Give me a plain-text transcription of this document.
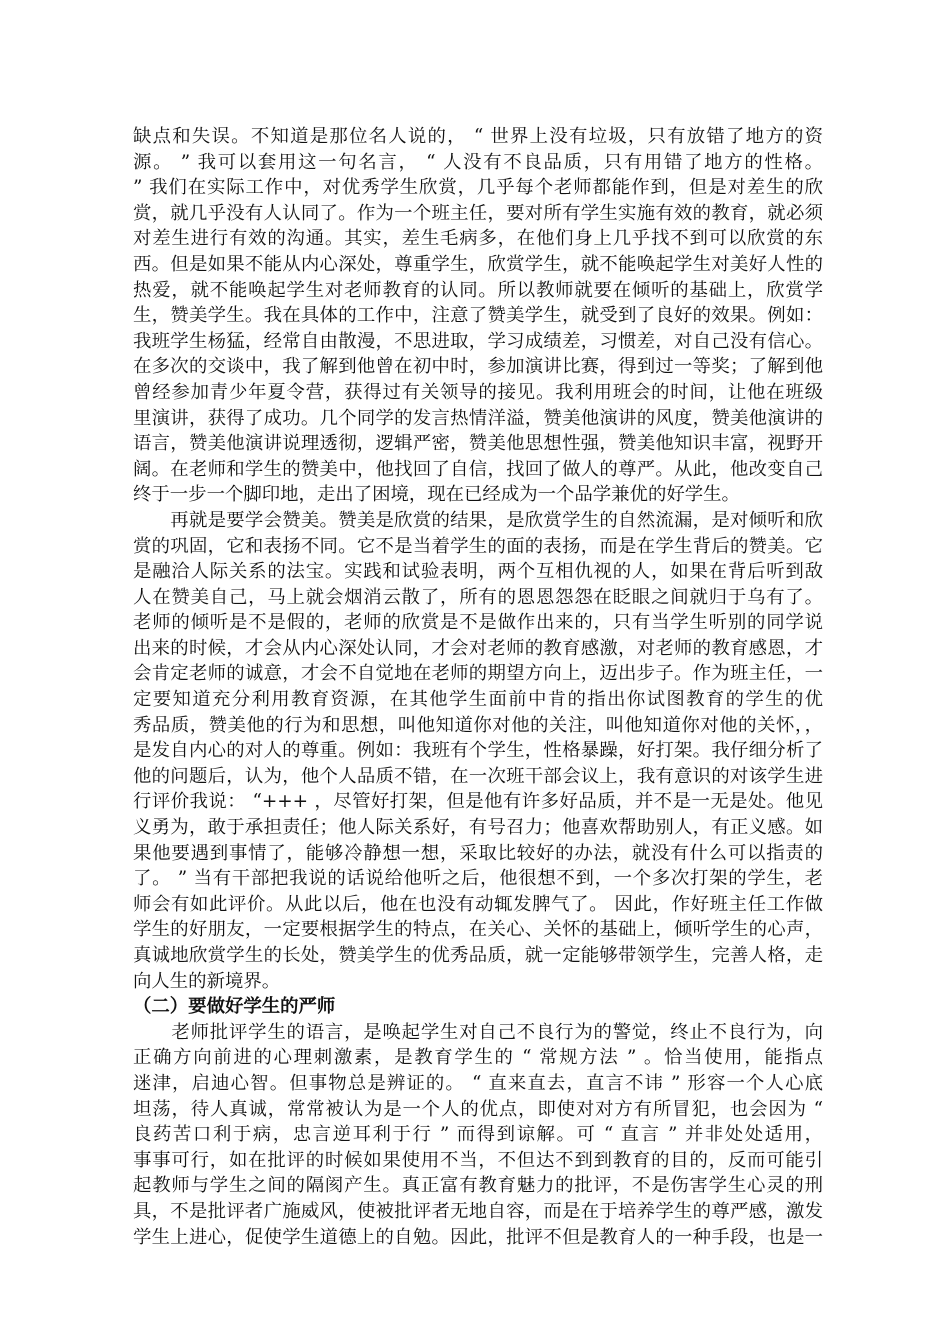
缺点和失误。不知道是那位名人说的， “ 世界上没有垃圾，只有放错了地方的资
源。 ” 我可以套用这一句名言， “ 人没有不良品质，只有用错了地方的性格。
” 我们在实际工作中，对优秀学生欣赏，几乎每个老师都能作到，但是对差生的欣
赏，就几乎没有人认同了。作为一个班主任，要对所有学生实施有效的教育，就必须
对差生进行有效的沟通。其实，差生毛病多，在他们身上几乎找不到可以欣赏的东
西。但是如果不能从内心深处，尊重学生，欣赏学生，就不能唤起学生对美好人性的
热爱，就不能唤起学生对老师教育的认同。所以教师就要在倾听的基础上，欣赏学
生，赞美学生。我在具体的工作中，注意了赞美学生，就受到了良好的效果。例如：
我班学生杨猛，经常自由散漫，不思进取，学习成绩差，习惯差，对自己没有信心。
在多次的交谈中，我了解到他曾在初中时，参加演讲比赛，得到过一等奖；了解到他
曾经参加青少年夏令营，获得过有关领导的接见。我利用班会的时间，让他在班级
里演讲，获得了成功。几个同学的发言热情洋溢，赞美他演讲的风度，赞美他演讲的
语言，赞美他演讲说理透彻，逻辑严密，赞美他思想性强，赞美他知识丰富，视野开
阔。在老师和学生的赞美中，他找回了自信，找回了做人的尊严。从此，他改变自己
终于一步一个脚印地，走出了困境，现在已经成为一个品学兼优的好学生。
　　再就是要学会赞美。赞美是欣赏的结果，是欣赏学生的自然流漏，是对倾听和欣
赏的巩固，它和表扬不同。它不是当着学生的面的表扬，而是在学生背后的赞美。它
是融洽人际关系的法宝。实践和试验表明，两个互相仇视的人，如果在背后听到敌
人在赞美自己，马上就会烟消云散了，所有的恩恩怨怨在眨眼之间就归于乌有了。
老师的倾听是不是假的，老师的欣赏是不是做作出来的，只有当学生听别的同学说
出来的时候，才会从内心深处认同，才会对老师的教育感激，对老师的教育感恩，才
会肯定老师的诚意，才会不自觉地在老师的期望方向上，迈出步子。作为班主任，一
定要知道充分利用教育资源，在其他学生面前中肯的指出你试图教育的学生的优
秀品质，赞美他的行为和思想，叫他知道你对他的关注，叫他知道你对他的关怀，，
是发自内心的对人的尊重。例如：我班有个学生，性格暴躁，好打架。我仔细分析了
他的问题后，认为，他个人品质不错，在一次班干部会议上，我有意识的对该学生进
行评价我说： “+++ ，尽管好打架，但是他有许多好品质，并不是一无是处。他见
义勇为，敢于承担责任；他人际关系好，有号召力；他喜欢帮助别人，有正义感。如
果他要遇到事情了，能够冷静想一想，采取比较好的办法，就没有什么可以指责的
了。 ” 当有干部把我说的话说给他听之后，他很想不到，一个多次打架的学生，老
师会有如此评价。从此以后，他在也没有动辄发脾气了。 因此，作好班主任工作做
学生的好朋友，一定要根据学生的特点，在关心、关怀的基础上，倾听学生的心声，
真诚地欣赏学生的长处，赞美学生的优秀品质，就一定能够带领学生，完善人格，走
向人生的新境界。
（二）要做好学生的严师
　　老师批评学生的语言，是唤起学生对自己不良行为的警觉，终止不良行为，向
正确方向前进的心理刺激素，是教育学生的 “ 常规方法 ” 。恰当使用，能指点
迷津，启迪心智。但事物总是辨证的。 “ 直来直去，直言不讳 ” 形容一个人心底
坦荡，待人真诚，常常被认为是一个人的优点，即使对对方有所冒犯，也会因为 “
良药苦口利于病，忠言逆耳利于行 ” 而得到谅解。可 “ 直言 ” 并非处处适用，
事事可行，如在批评的时候如果使用不当，不但达不到到教育的目的，反而可能引
起教师与学生之间的隔阂产生。真正富有教育魅力的批评，不是伤害学生心灵的刑
具，不是批评者广施威风，使被批评者无地自容，而是在于培养学生的尊严感，激发
学生上进心，促使学生道德上的自勉。因此，批评不但是教育人的一种手段，也是一
